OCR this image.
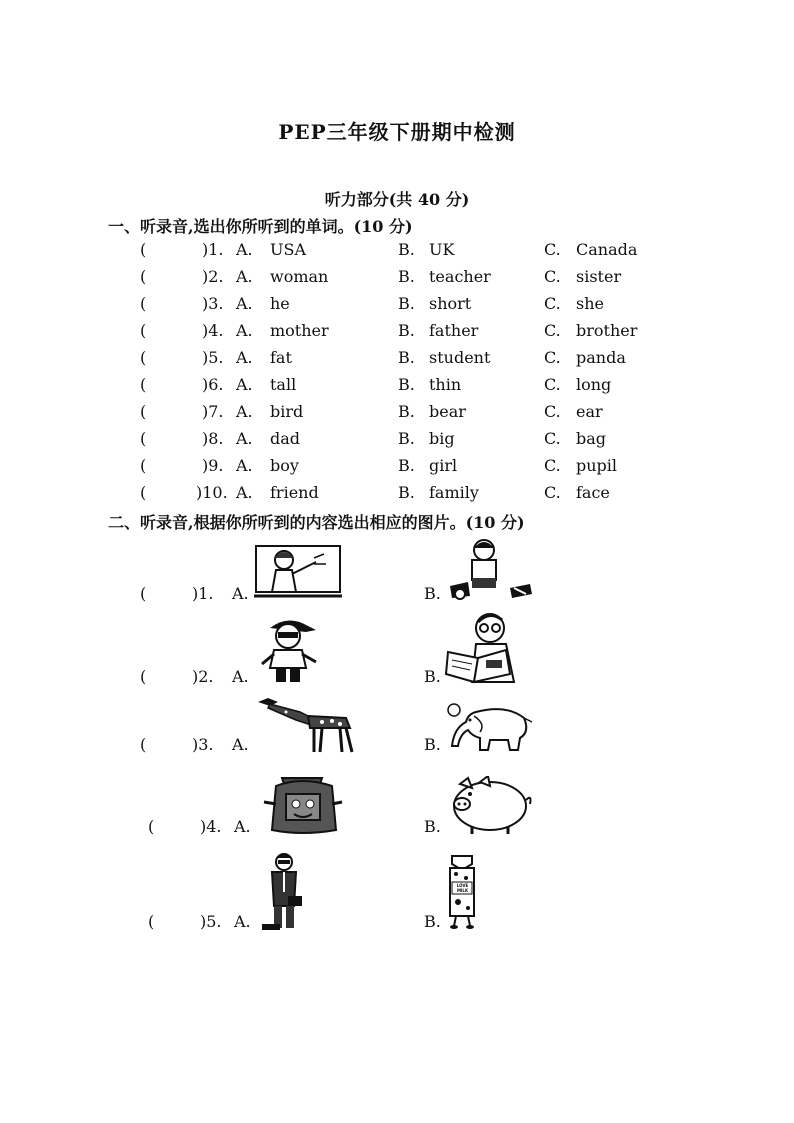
PEP三年级下册期中检测
听力部分(共 40 分)
一、听录音,选出你所听到的单词。(10 分)
(	)1. A. USA	B. UK	C. Canada
(	)2. A. woman	B. teacher	C. sister
(	)3. A. he	B. short	C. she
(	)4. A. mother	B. father	C. brother
(	)5. A. fat	B. student	C. panda
(	)6. A. tall	B. thin	C. long
(	)7. A. bird	B. bear	C. ear
(	)8. A. dad	B. big	C. bag
(	)9. A. boy	B. girl	C. pupil
(	)10. A. friend	B. family	C. face
二、听录音,根据你所听到的内容选出相应的图片。(10 分)
(	)1. A.	B.
(	)2. A.	B.
(	)3. A.	B.
(	)4. A.	B.
(	)5. A.	B.
LOVE MILK
